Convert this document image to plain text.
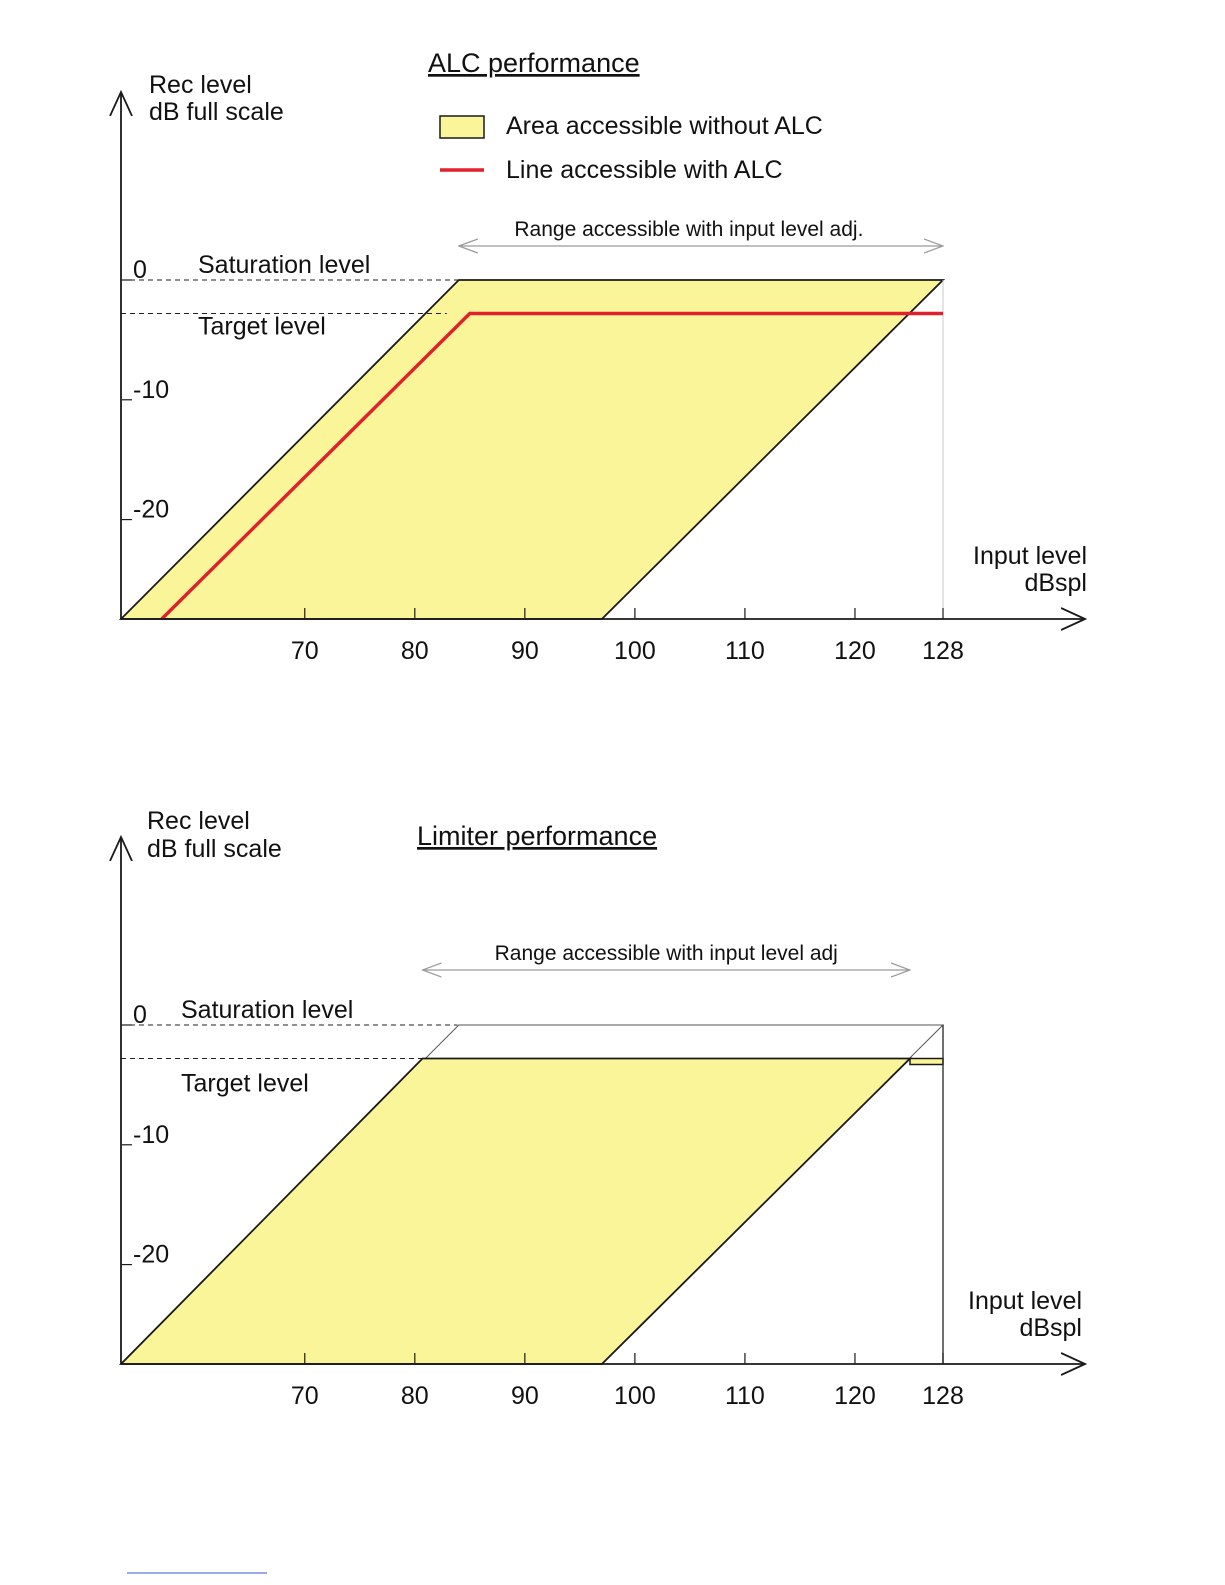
70	80	90	100	110	120 128
0
-10
-20
Saturation level
Target level
Rec level
dB full scale
Input level
dBspl
ALC performance
Area accessible without ALC
Line accessible with ALC
Range accessible with input level adj.
70	80	90	100	110	120 128
0
-10
-20
Saturation level
Target level
Rec level
dB full scale
Input level
dBspl
Limiter performance
Range accessible with input level adj
